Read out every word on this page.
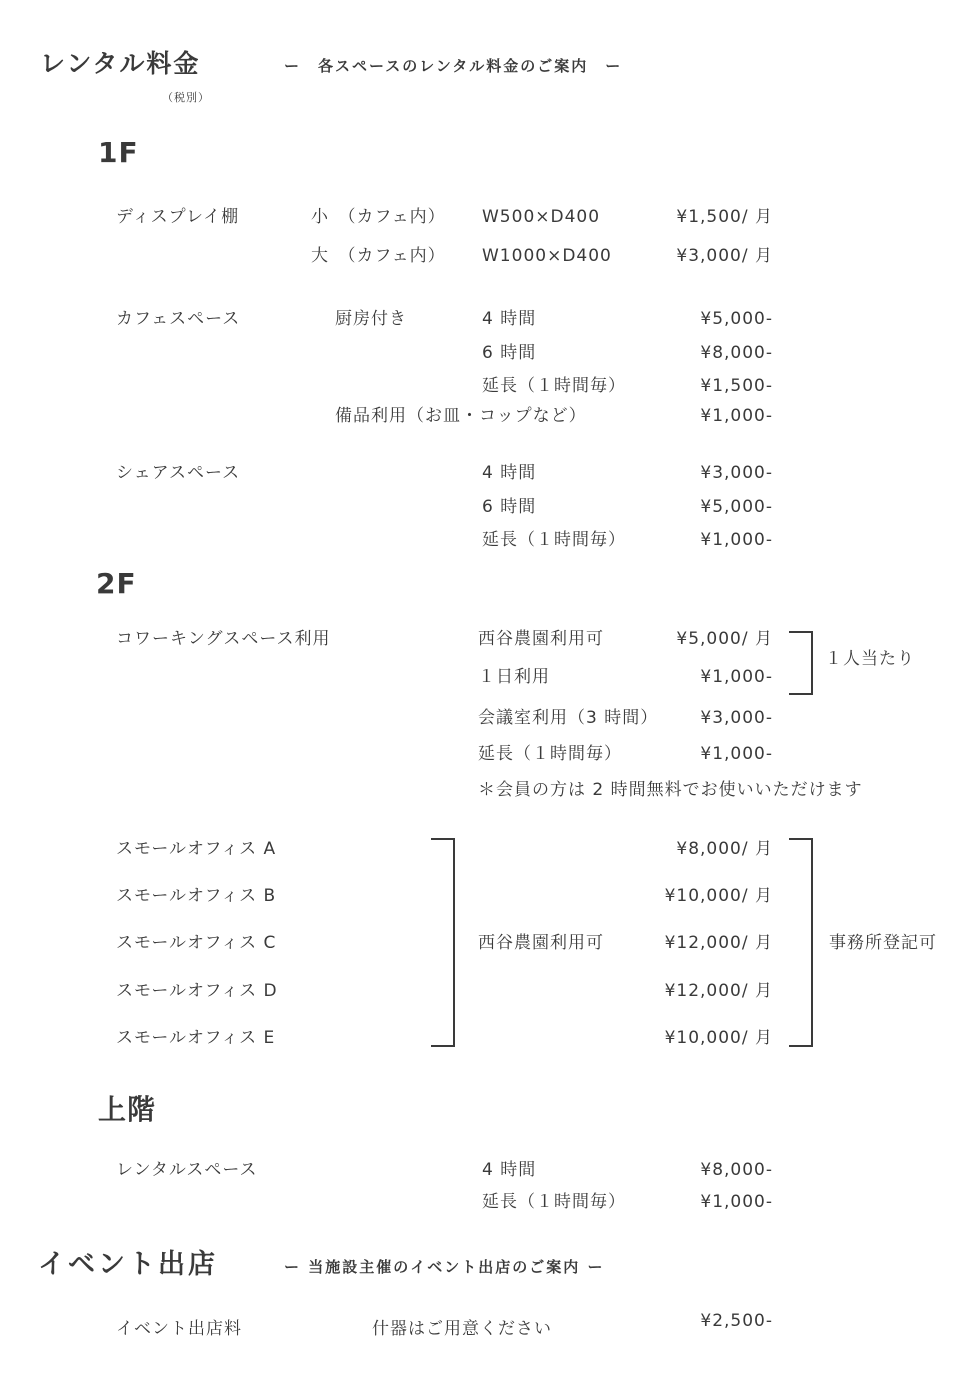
レンタル料金	ー　各スペースのレンタル料金のご案内　ー
（税別）
1F
ディスプレイ棚	小　（カフェ内） W500×D400	¥1,500/ 月
大　（カフェ内） W1000×D400	¥3,000/ 月
カフェスペース	厨房付き	4 時間	¥5,000-
6 時間	¥8,000-
延長（１時間毎）	¥1,500-
備品利用（お皿・コップなど）	¥1,000-
シェアスペース	4 時間	¥3,000-
6 時間	¥5,000-
延長（１時間毎）	¥1,000-
2F
コワーキングスペース利用	西谷農園利用可	¥5,000/ 月
１日利用	¥1,000-
会議室利用（3 時間） ¥3,000-
延長（１時間毎）	¥1,000-
１人当たり
＊会員の方は 2 時間無料でお使いいただけます
スモールオフィス A	¥8,000/ 月
スモールオフィス B	¥10,000/ 月
スモールオフィス C	¥12,000/ 月
スモールオフィス D	¥12,000/ 月
スモールオフィス E	¥10,000/ 月
西谷農園利用可	事務所登記可
上階
レンタルスペース	4 時間	¥8,000-
延長（１時間毎）	¥1,000-
イベント出店	ー 当施設主催のイベント出店のご案内 ー
イベント出店料	什器はご用意ください	¥2,500-
